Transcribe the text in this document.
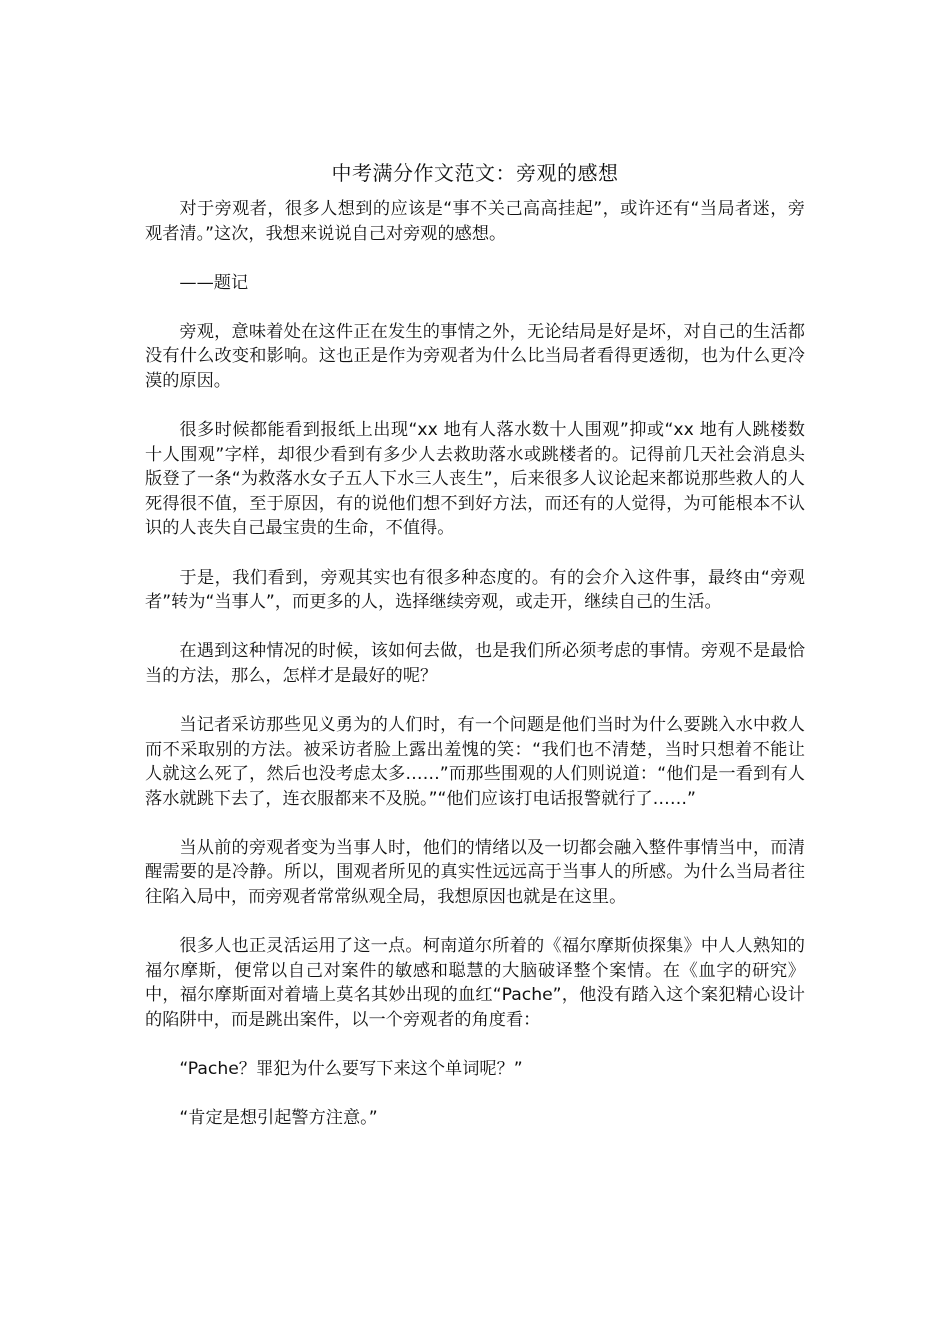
中考满分作文范文：旁观的感想

对于旁观者，很多人想到的应该是“事不关己高高挂起”，或许还有“当局者迷，旁观者清。”这次，我想来说说自己对旁观的感想。

——题记

旁观，意味着处在这件正在发生的事情之外，无论结局是好是坏，对自己的生活都没有什么改变和影响。这也正是作为旁观者为什么比当局者看得更透彻，也为什么更冷漠的原因。

很多时候都能看到报纸上出现“xx 地有人落水数十人围观”抑或“xx 地有人跳楼数十人围观”字样，却很少看到有多少人去救助落水或跳楼者的。记得前几天社会消息头版登了一条“为救落水女子五人下水三人丧生”，后来很多人议论起来都说那些救人的人死得很不值，至于原因，有的说他们想不到好方法，而还有的人觉得，为可能根本不认识的人丧失自己最宝贵的生命，不值得。

于是，我们看到，旁观其实也有很多种态度的。有的会介入这件事，最终由“旁观者”转为“当事人”，而更多的人，选择继续旁观，或走开，继续自己的生活。

在遇到这种情况的时候，该如何去做，也是我们所必须考虑的事情。旁观不是最恰当的方法，那么，怎样才是最好的呢？

当记者采访那些见义勇为的人们时，有一个问题是他们当时为什么要跳入水中救人而不采取别的方法。被采访者脸上露出羞愧的笑：“我们也不清楚，当时只想着不能让人就这么死了，然后也没考虑太多……”而那些围观的人们则说道：“他们是一看到有人落水就跳下去了，连衣服都来不及脱。”“他们应该打电话报警就行了……”

当从前的旁观者变为当事人时，他们的情绪以及一切都会融入整件事情当中，而清醒需要的是冷静。所以，围观者所见的真实性远远高于当事人的所感。为什么当局者往往陷入局中，而旁观者常常纵观全局，我想原因也就是在这里。

很多人也正灵活运用了这一点。柯南道尔所着的《福尔摩斯侦探集》中人人熟知的福尔摩斯，便常以自己对案件的敏感和聪慧的大脑破译整个案情。在《血字的研究》中，福尔摩斯面对着墙上莫名其妙出现的血红“Pache”，他没有踏入这个案犯精心设计的陷阱中，而是跳出案件，以一个旁观者的角度看：

“Pache？罪犯为什么要写下来这个单词呢？”

“肯定是想引起警方注意。”
